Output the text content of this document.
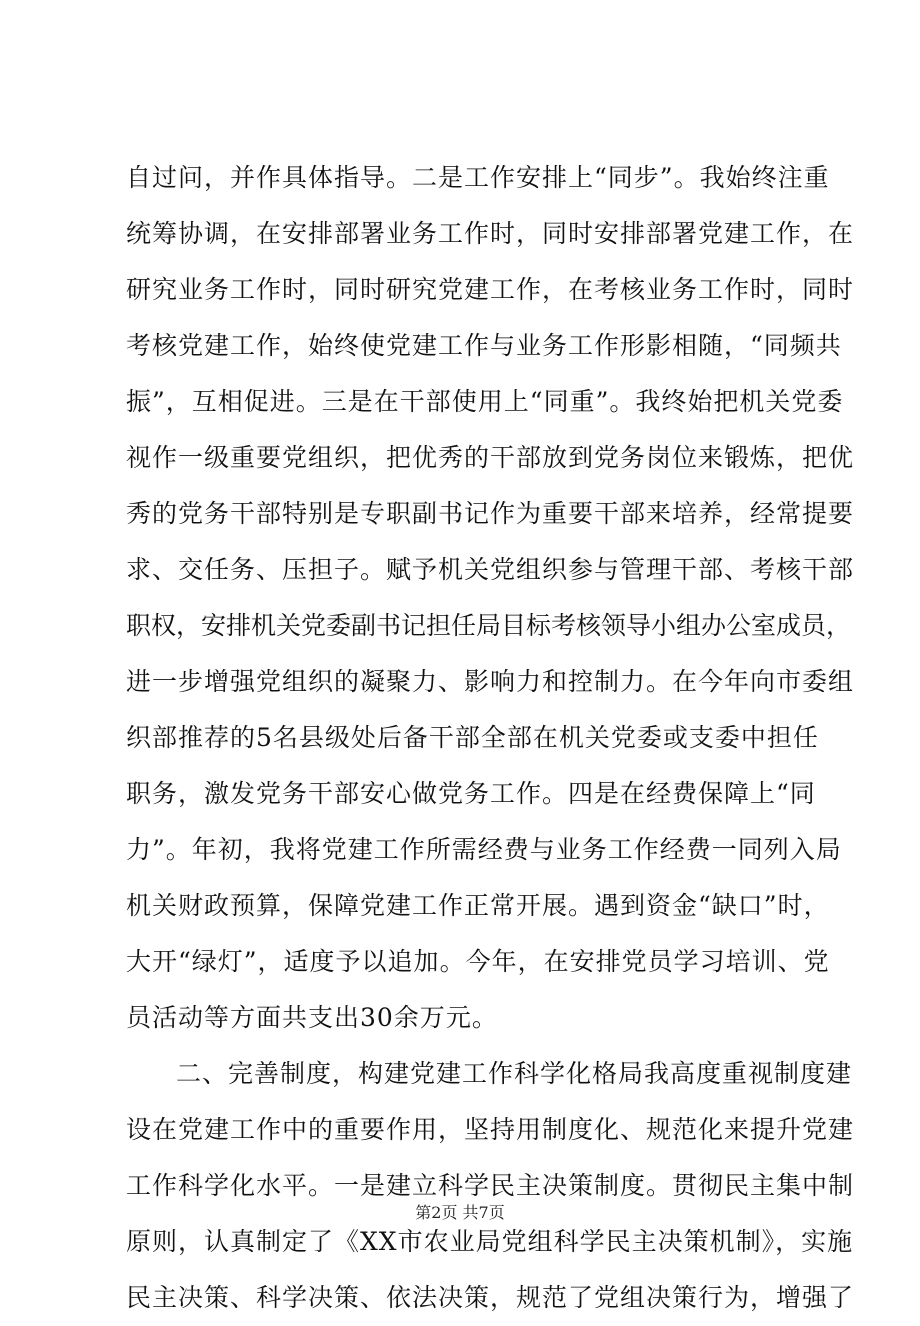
自过问，并作具体指导。二是工作安排上“同步”。我始终注重
统筹协调，在安排部署业务工作时，同时安排部署党建工作，在
研究业务工作时，同时研究党建工作，在考核业务工作时，同时
考核党建工作，始终使党建工作与业务工作形影相随，“同频共
振”，互相促进。三是在干部使用上“同重”。我终始把机关党委
视作一级重要党组织，把优秀的干部放到党务岗位来锻炼，把优
秀的党务干部特别是专职副书记作为重要干部来培养，经常提要
求、交任务、压担子。赋予机关党组织参与管理干部、考核干部
职权，安排机关党委副书记担任局目标考核领导小组办公室成员，
进一步增强党组织的凝聚力、影响力和控制力。在今年向市委组
织部推荐的5名县级处后备干部全部在机关党委或支委中担任
职务，激发党务干部安心做党务工作。四是在经费保障上“同
力”。年初，我将党建工作所需经费与业务工作经费一同列入局
机关财政预算，保障党建工作正常开展。遇到资金“缺口”时，
大开“绿灯”，适度予以追加。今年，在安排党员学习培训、党
员活动等方面共支出30余万元。
二、完善制度，构建党建工作科学化格局我高度重视制度建
设在党建工作中的重要作用，坚持用制度化、规范化来提升党建
工作科学化水平。一是建立科学民主决策制度。贯彻民主集中制
原则，认真制定了《XX市农业局党组科学民主决策机制》，实施
民主决策、科学决策、依法决策，规范了党组决策行为，增强了
第2页 共7页
